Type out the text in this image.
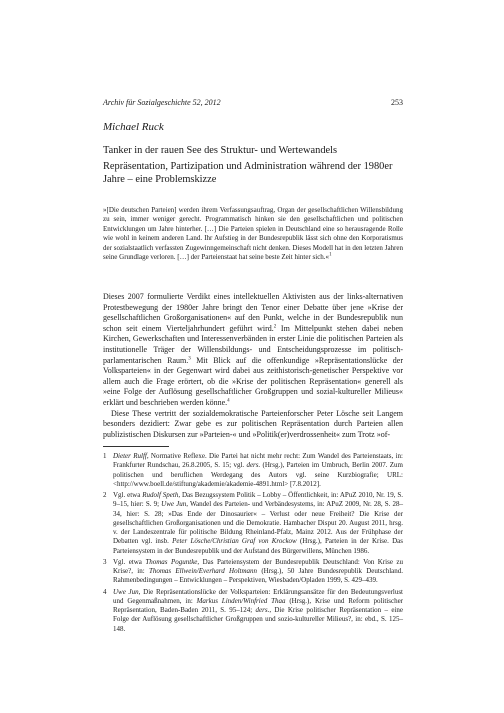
Archiv für Sozialgeschichte 52, 2012	253
Michael Ruck
Tanker in der rauen See des Struktur- und Wertewandels
Repräsentation, Partizipation und Administration während der 1980er Jahre – eine Problemskizze
»[Die deutschen Parteien] werden ihrem Verfassungsauftrag, Organ der gesellschaftlichen Willensbildung zu sein, immer weniger gerecht. Programmatisch hinken sie den gesellschaftlichen und politischen Entwicklungen um Jahre hinterher. […] Die Parteien spielen in Deutschland eine so herausragende Rolle wie wohl in keinem anderen Land. Ihr Aufstieg in der Bundesrepublik lässt sich ohne den Korporatismus der sozialstaatlich verfassten Zugewinngemeinschaft nicht denken. Dieses Modell hat in den letzten Jahren seine Grundlage verloren. […] der Parteienstaat hat seine beste Zeit hinter sich.«$^1$

Dieses 2007 formulierte Verdikt eines intellektuellen Aktivisten aus der links-alternativen Protestbewegung der 1980er Jahre bringt den Tenor einer Debatte über jene »Krise der gesellschaftlichen Großorganisationen« auf den Punkt, welche in der Bundesrepublik nun schon seit einem Vierteljahrhundert geführt wird.$^2$ Im Mittelpunkt stehen dabei neben Kirchen, Gewerkschaften und Interessenverbänden in erster Linie die politischen Parteien als institutionelle Träger der Willensbildungs- und Entscheidungsprozesse im politisch-parlamentarischen Raum.$^3$ Mit Blick auf die offenkundige »Repräsentationslücke der Volksparteien« in der Gegenwart wird dabei aus zeithistorisch-genetischer Perspektive vor allem auch die Frage erörtert, ob die »Krise der politischen Repräsentation« generell als »eine Folge der Auflösung gesellschaftlicher Großgruppen und sozial-kultureller Milieus« erklärt und beschrieben werden könne.$^4$

Diese These vertritt der sozialdemokratische Parteienforscher Peter Lösche seit Langem besonders dezidiert: Zwar gebe es zur politischen Repräsentation durch Parteien allen publizistischen Diskursen zur »Parteien-« und »Politik(er)verdrossenheit« zum Trotz »of-

1 Dieter Rulff, Normative Reflexe. Die Partei hat nicht mehr recht: Zum Wandel des Parteienstaats, in: Frankfurter Rundschau, 26.8.2005, S. 15; vgl. ders. (Hrsg.), Parteien im Umbruch, Berlin 2007. Zum politischen und beruflichen Werdegang des Autors vgl. seine Kurzbiografie; URL: <http://www.boell.de/stiftung/akademie/akademie-4891.html> [7.8.2012].
2 Vgl. etwa Rudolf Speth, Das Bezugssystem Politik – Lobby – Öffentlichkeit, in: APuZ 2010, Nr. 19, S. 9–15, hier: S. 9; Uwe Jun, Wandel des Parteien- und Verbändesystems, in: APuZ 2009, Nr. 28, S. 28–34, hier: S. 28; »Das Ende der Dinosaurier« – Verlust oder neue Freiheit? Die Krise der gesellschaftlichen Großorganisationen und die Demokratie. Hambacher Disput 20. August 2011, hrsg. v. der Landeszentrale für politische Bildung Rheinland-Pfalz, Mainz 2012. Aus der Frühphase der Debatten vgl. insb. Peter Lösche/Christian Graf von Krockow (Hrsg.), Parteien in der Krise. Das Parteiensystem in der Bundesrepublik und der Aufstand des Bürgerwillens, München 1986.
3 Vgl. etwa Thomas Poguntke, Das Parteiensystem der Bundesrepublik Deutschland: Von Krise zu Krise?, in: Thomas Ellwein/Everhard Holtmann (Hrsg.), 50 Jahre Bundesrepublik Deutschland. Rahmenbedingungen – Entwicklungen – Perspektiven, Wiesbaden/Opladen 1999, S. 429–439.
4 Uwe Jun, Die Repräsentationslücke der Volksparteien: Erklärungsansätze für den Bedeutungsverlust und Gegenmaßnahmen, in: Markus Linden/Winfried Thaa (Hrsg.), Krise und Reform politischer Repräsentation, Baden-Baden 2011, S. 95–124; ders., Die Krise politischer Repräsentation – eine Folge der Auflösung gesellschaftlicher Großgruppen und sozio-kultureller Milieus?, in: ebd., S. 125–148.
